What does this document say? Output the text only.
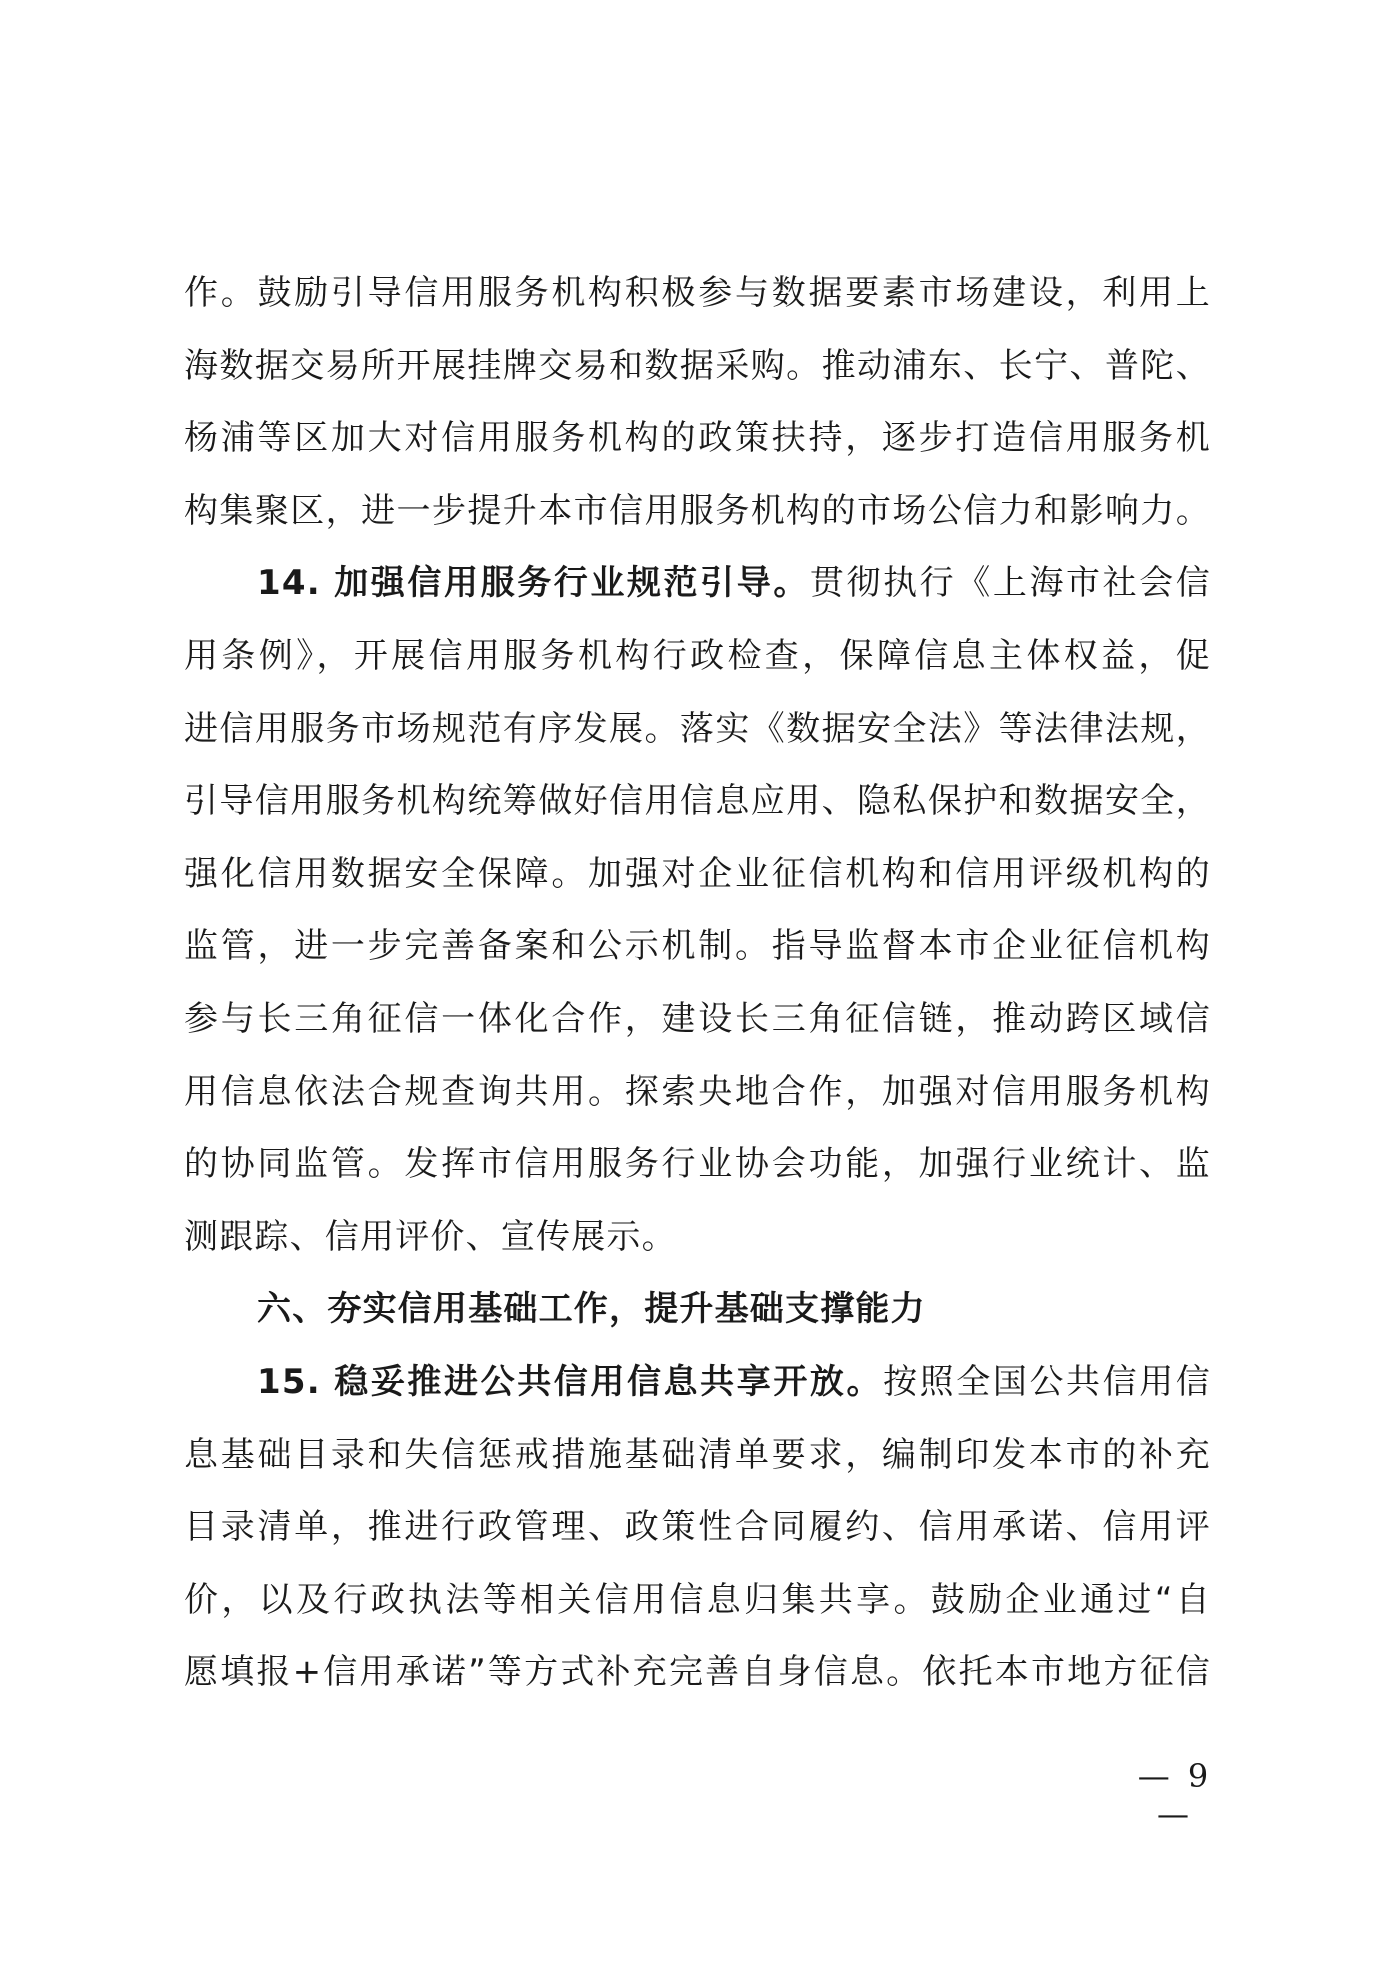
作。鼓励引导信用服务机构积极参与数据要素市场建设，利用上
海数据交易所开展挂牌交易和数据采购。推动浦东、长宁、普陀、
杨浦等区加大对信用服务机构的政策扶持，逐步打造信用服务机
构集聚区，进一步提升本市信用服务机构的市场公信力和影响力。
14. 加强信用服务行业规范引导。贯彻执行《上海市社会信
用条例》，开展信用服务机构行政检查，保障信息主体权益，促
进信用服务市场规范有序发展。落实《数据安全法》等法律法规，
引导信用服务机构统筹做好信用信息应用、隐私保护和数据安全，
强化信用数据安全保障。加强对企业征信机构和信用评级机构的
监管，进一步完善备案和公示机制。指导监督本市企业征信机构
参与长三角征信一体化合作，建设长三角征信链，推动跨区域信
用信息依法合规查询共用。探索央地合作，加强对信用服务机构
的协同监管。发挥市信用服务行业协会功能，加强行业统计、监
测跟踪、信用评价、宣传展示。
六、夯实信用基础工作，提升基础支撑能力
15. 稳妥推进公共信用信息共享开放。按照全国公共信用信
息基础目录和失信惩戒措施基础清单要求，编制印发本市的补充
目录清单，推进行政管理、政策性合同履约、信用承诺、信用评
价，以及行政执法等相关信用信息归集共享。鼓励企业通过“自
愿填报+信用承诺”等方式补充完善自身信息。依托本市地方征信
— 9 —
